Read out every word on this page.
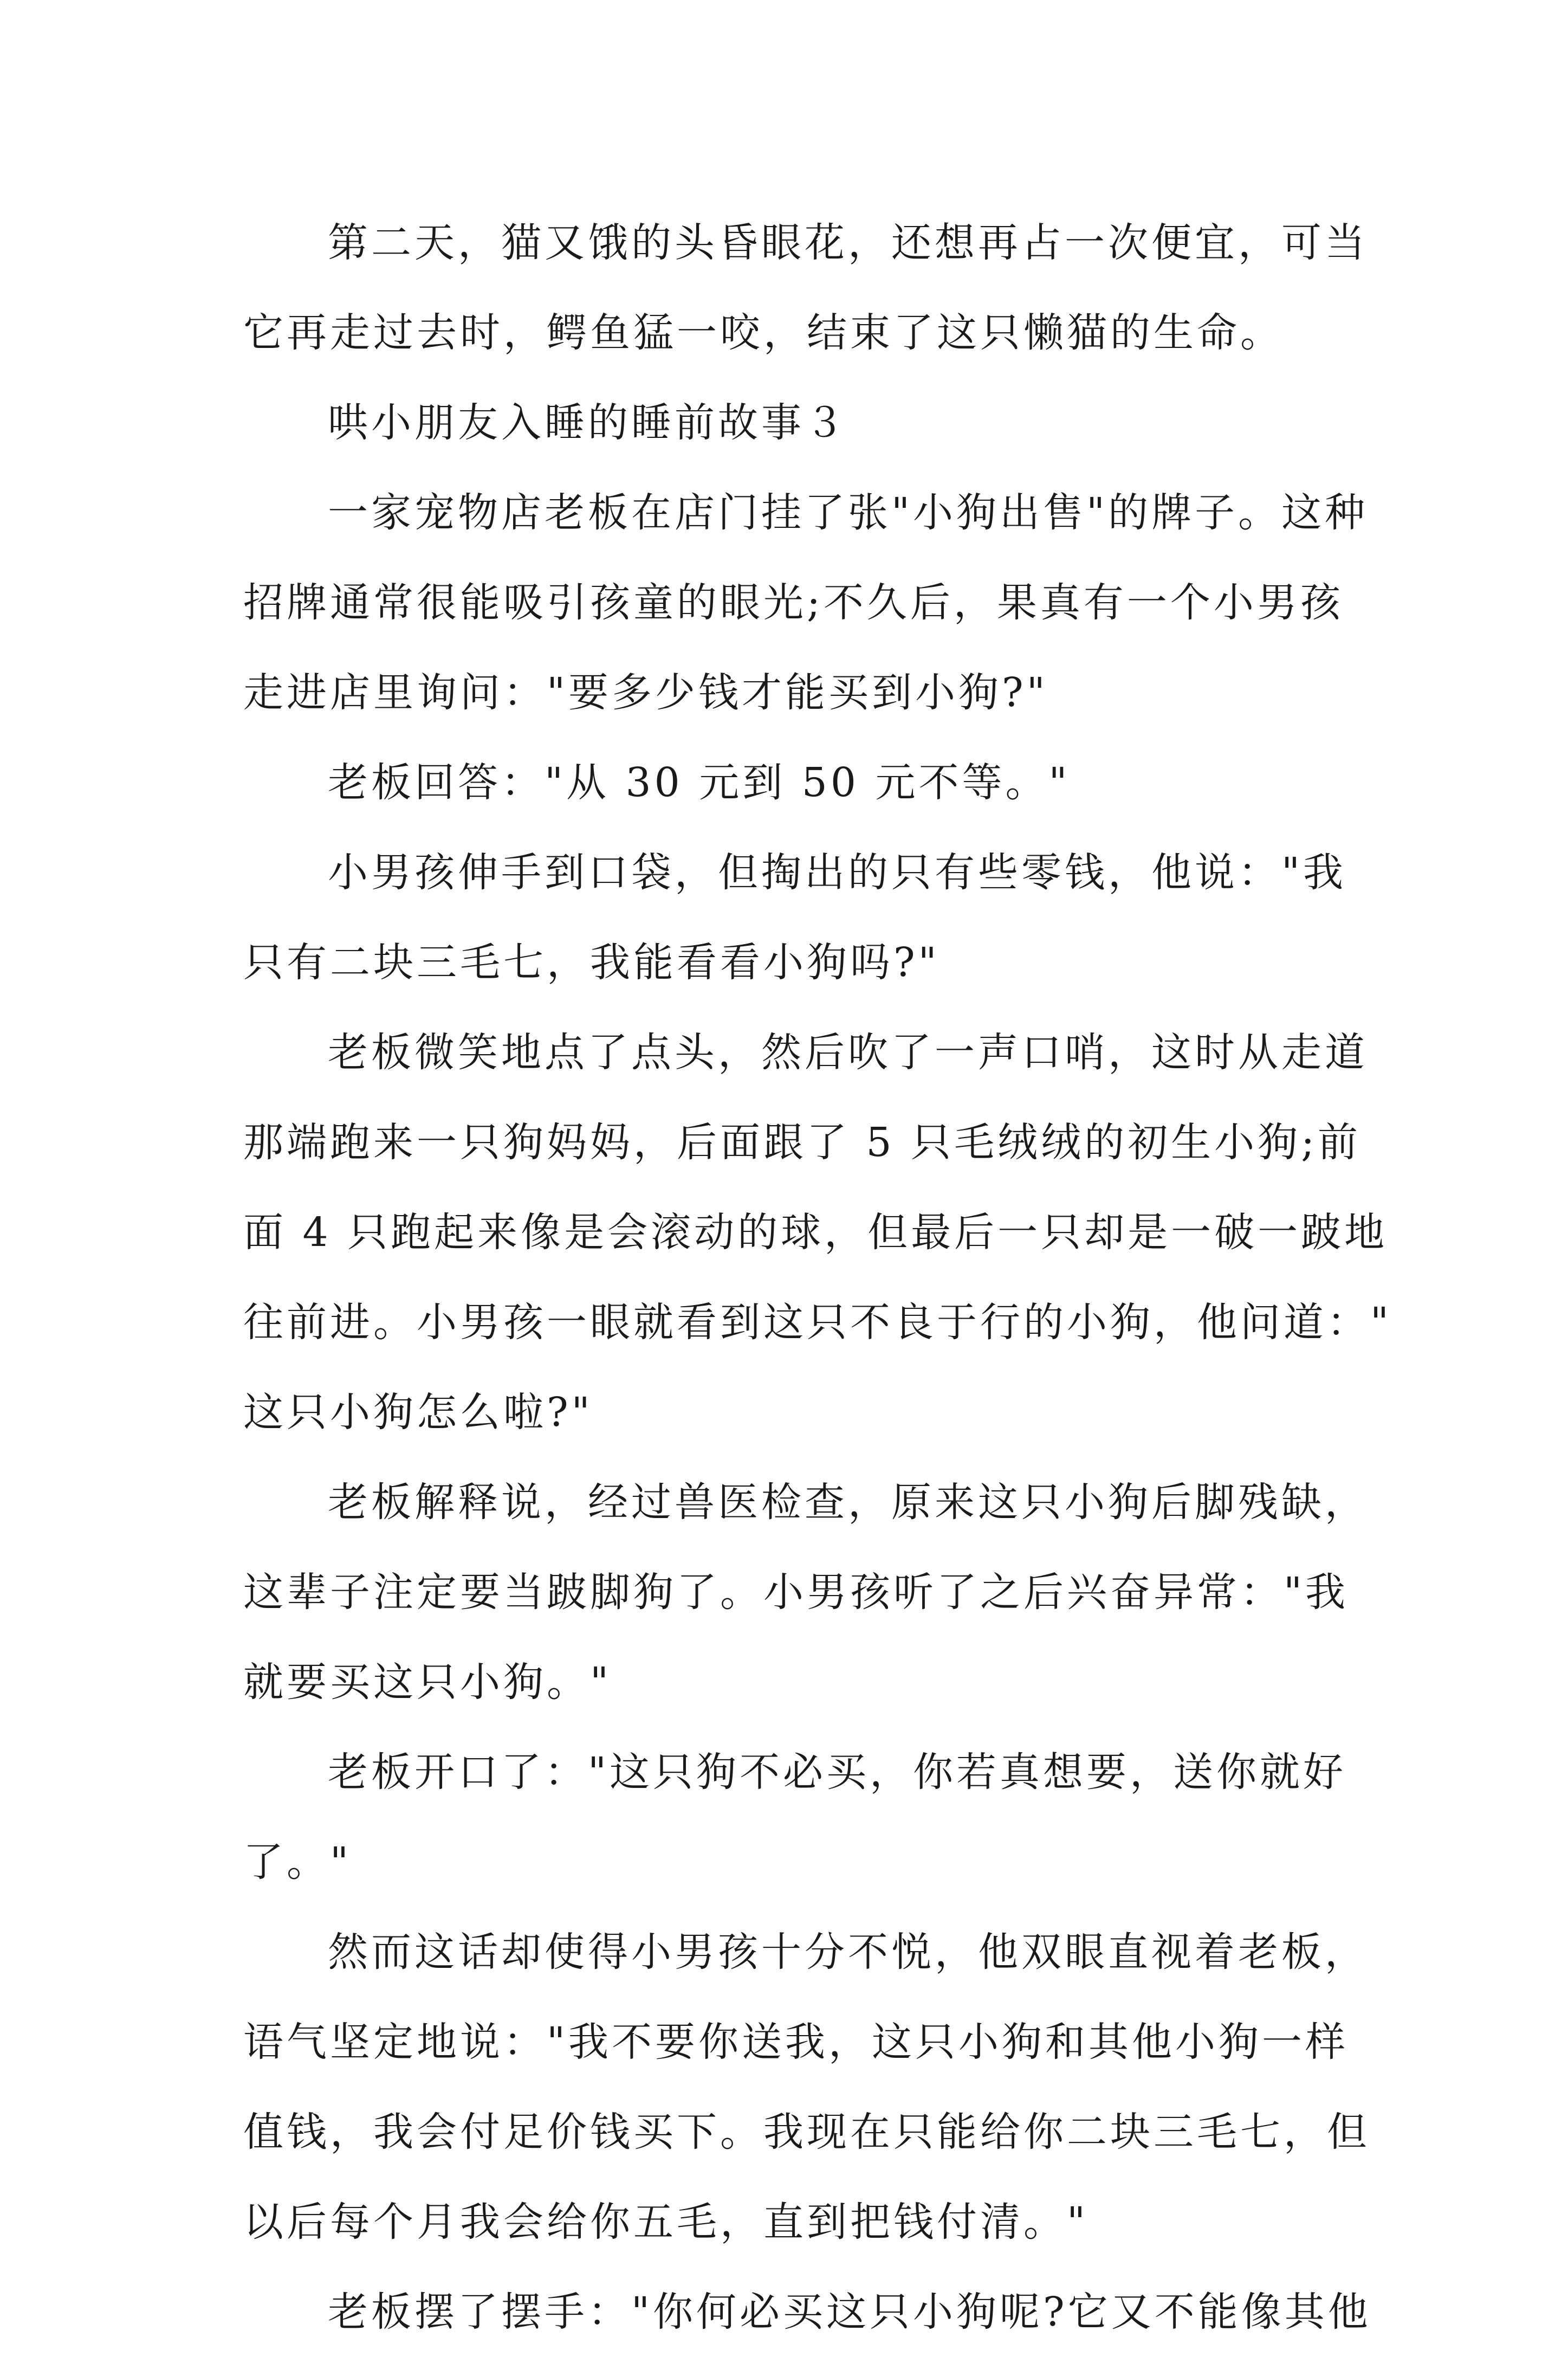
第二天，猫又饿的头昏眼花，还想再占一次便宜，可当
它再走过去时，鳄鱼猛一咬，结束了这只懒猫的生命。
哄小朋友入睡的睡前故事３
一家宠物店老板在店门挂了张"小狗出售"的牌子。这种
招牌通常很能吸引孩童的眼光;不久后，果真有一个小男孩
走进店里询问："要多少钱才能买到小狗?"
老板回答："从 30 元到 50 元不等。"
小男孩伸手到口袋，但掏出的只有些零钱，他说："我
只有二块三毛七，我能看看小狗吗?"
老板微笑地点了点头，然后吹了一声口哨，这时从走道
那端跑来一只狗妈妈，后面跟了 5 只毛绒绒的初生小狗;前
面 4 只跑起来像是会滚动的球，但最后一只却是一破一跛地
往前进。小男孩一眼就看到这只不良于行的小狗，他问道："
这只小狗怎么啦?"
老板解释说，经过兽医检查，原来这只小狗后脚残缺，
这辈子注定要当跛脚狗了。小男孩听了之后兴奋异常："我
就要买这只小狗。"
老板开口了："这只狗不必买，你若真想要，送你就好
了。"
然而这话却使得小男孩十分不悦，他双眼直视着老板，
语气坚定地说："我不要你送我，这只小狗和其他小狗一样
值钱，我会付足价钱买下。我现在只能给你二块三毛七，但
以后每个月我会给你五毛，直到把钱付清。"
老板摆了摆手："你何必买这只小狗呢?它又不能像其他
